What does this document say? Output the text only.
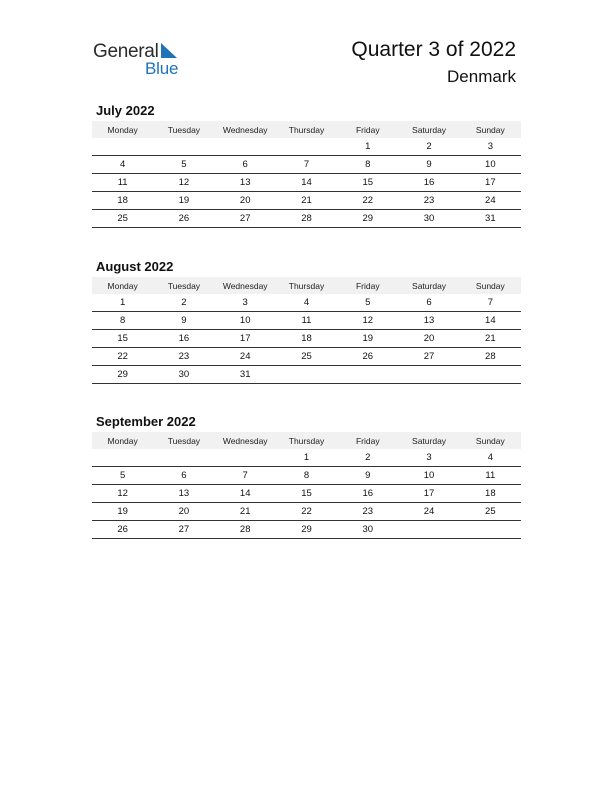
General
Blue
Quarter 3 of 2022
Denmark
July 2022
Monday	Tuesday	Wednesday	Thursday	Friday	Saturday	Sunday
				1	2	3
4	5	6	7	8	9	10
11	12	13	14	15	16	17
18	19	20	21	22	23	24
25	26	27	28	29	30	31
August 2022
Monday	Tuesday	Wednesday	Thursday	Friday	Saturday	Sunday
1	2	3	4	5	6	7
8	9	10	11	12	13	14
15	16	17	18	19	20	21
22	23	24	25	26	27	28
29	30	31				
September 2022
Monday	Tuesday	Wednesday	Thursday	Friday	Saturday	Sunday
			1	2	3	4
5	6	7	8	9	10	11
12	13	14	15	16	17	18
19	20	21	22	23	24	25
26	27	28	29	30		
